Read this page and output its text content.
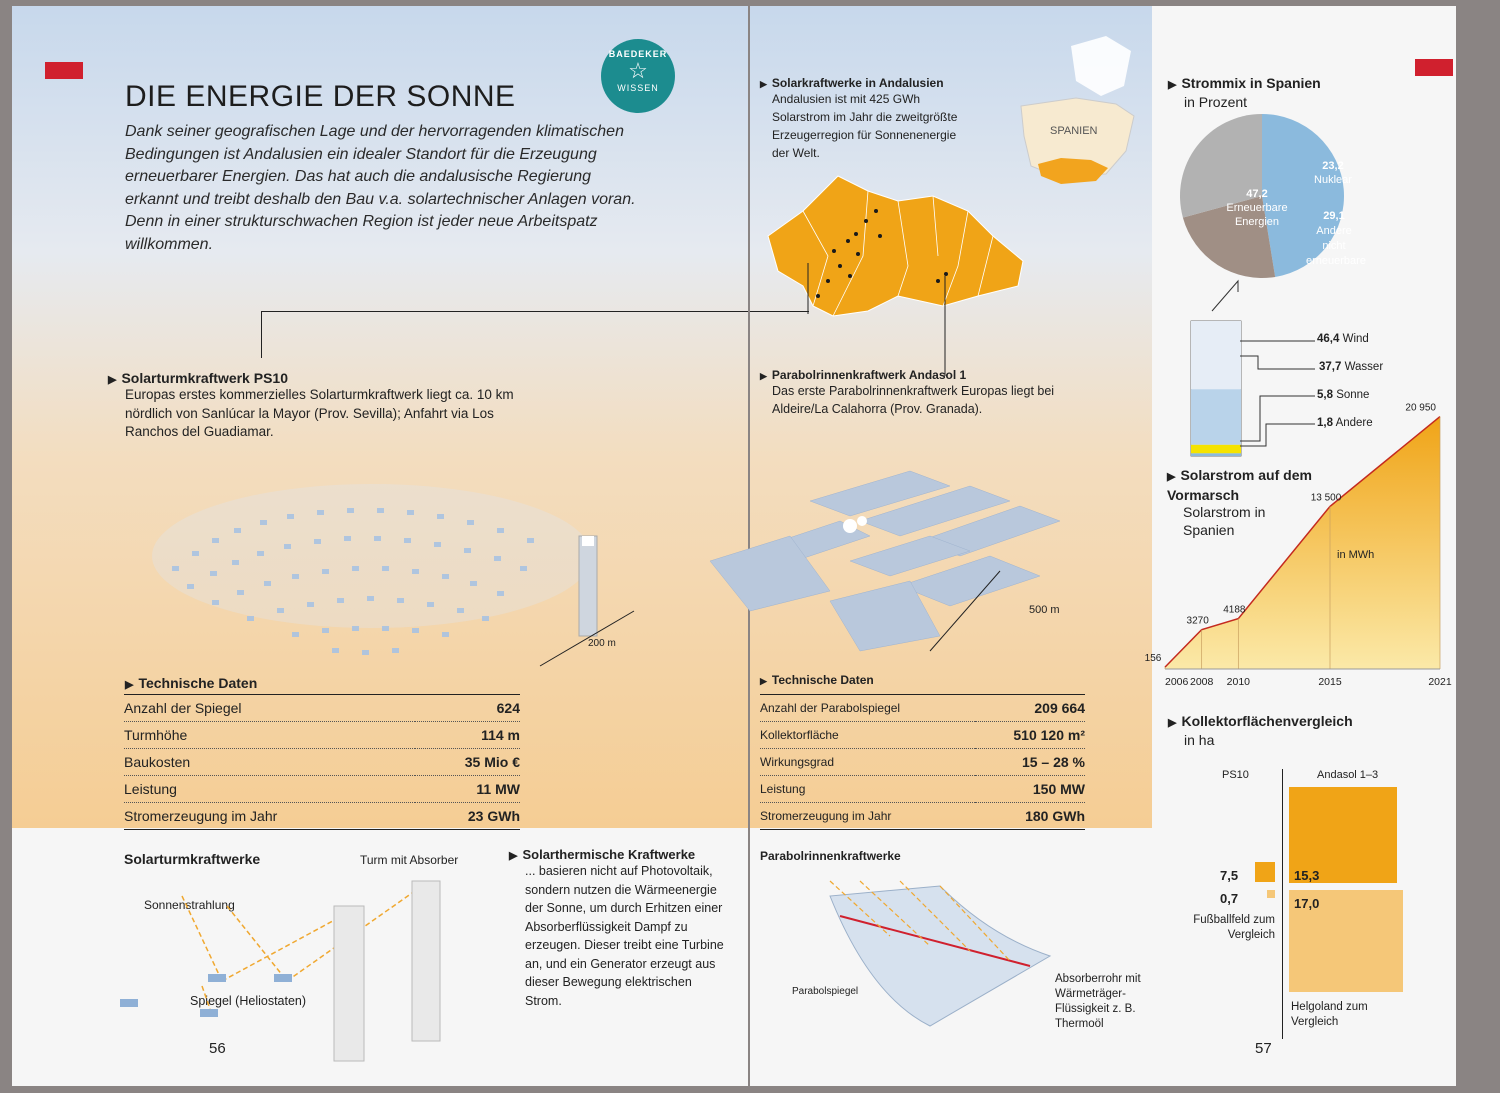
BAEDEKER
☆
WISSEN
DIE ENERGIE DER SONNE
Dank seiner geografischen Lage und der hervorragenden klimatischen Bedingungen ist Andalusien ein idealer Standort für die Erzeugung erneuerbarer Energien. Das hat auch die andalusische Regierung erkannt und treibt deshalb den Bau v.a. solartechnischer Anlagen voran. Denn in einer strukturschwachen Region ist jeder neue Arbeitspatz willkommen.
▶ Solarturmkraftwerk PS10
Europas erstes kommerzielles Solarturmkraftwerk liegt ca. 10 km nördlich von Sanlúcar la Mayor (Prov. Sevilla); Anfahrt via Los Ranchos del Guadiamar.
200 m
▶ Technische Daten
Anzahl der Spiegel	624
Turmhöhe	114 m
Baukosten	35 Mio €
Leistung	11 MW
Stromerzeugung im Jahr	23 GWh
Solarturmkraftwerke	Turm mit Absorber
Sonnenstrahlung
Spiegel (Heliostaten)
▶ Solarthermische Kraftwerke
... basieren nicht auf Photovoltaik, sondern nutzen die Wärmeenergie der Sonne, um durch Erhitzen einer Absorberflüssigkeit Dampf zu erzeugen. Dieser treibt eine Turbine an, und ein Generator erzeugt aus dieser Bewegung elektrischen Strom.
56
SPANIEN
▶ Solarkraftwerke in Andalusien
Andalusien ist mit 425 GWh Solarstrom im Jahr die zweitgrößte Erzeugerregion für Sonnenenergie der Welt.
▶ Parabolrinnenkraftwerk Andasol 1
Das erste Parabolrinnenkraftwerk Europas liegt bei Aldeire/La Calahorra (Prov. Granada).
500 m
▶ Technische Daten
Anzahl der Parabolspiegel	209 664
Kollektorfläche	510 120 m²
Wirkungsgrad	15 – 28 %
Leistung	150 MW
Stromerzeugung im Jahr	180 GWh
Parabolrinnenkraftwerke
Parabolspiegel
Absorberrohr mit Wärmeträger-Flüssigkeit z. B. Thermoöl
57
▶ Strommix in Spanien
in Prozent
47,2
Erneuerbare Energien
23,2
Nuklear
29,1
Andere nicht erneuerbare
46,4 Wind
37,7 Wasser
5,8 Sonne
1,8 Andere
▶ Solarstrom auf dem Vormarsch
Solarstrom in Spanien
2006
156
2008
3270
2010
4188
2015
13 500
2021
20 950
in MWh
▶ Kollektorflächenvergleich
in ha
PS10	Andasol 1–3
7,5	15,3
0,7	17,0
Fußballfeld zum Vergleich
Helgoland zum Vergleich
